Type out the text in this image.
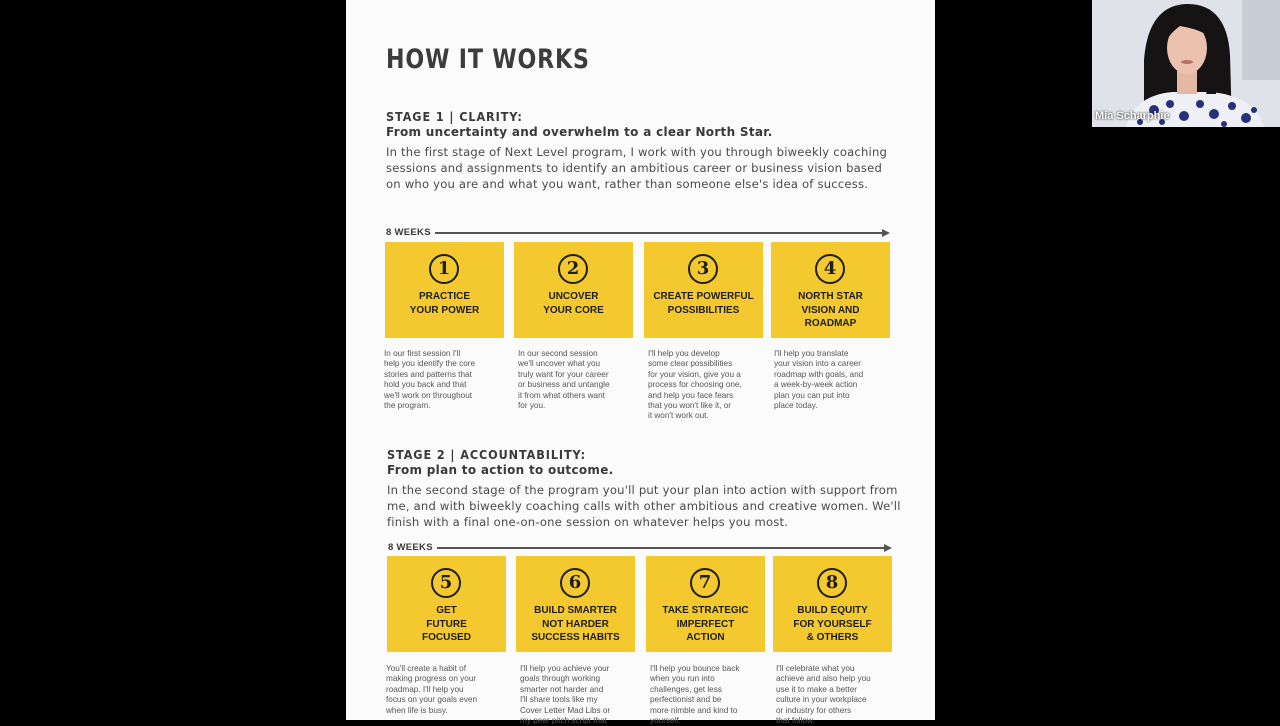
HOW IT WORKS
STAGE 1 | CLARITY:
From uncertainty and overwhelm to a clear North Star.

In the first stage of Next Level program, I work with you through biweekly coaching sessions and assignments to identify an ambitious career or business vision based on who you are and what you want, rather than someone else's idea of success.

8 WEEKS
1
PRACTICE
YOUR POWER
2
UNCOVER
YOUR CORE
3
CREATE POWERFUL
POSSIBILITIES
4
NORTH STAR
VISION AND
ROADMAP

In our first session I'll
help you identify the core
stories and patterns that
hold you back and that
we'll work on throughout
the program.

In our second session
we'll uncover what you
truly want for your career
or business and untangle
it from what others want
for you.

I'll help you develop
some clear possibilities
for your vision, give you a
process for choosing one,
and help you face fears
that you won't like it, or
it won't work out.

I'll help you translate
your vision into a career
roadmap with goals, and
a week-by-week action
plan you can put into
place today.

STAGE 2 | ACCOUNTABILITY:
From plan to action to outcome.

In the second stage of the program you'll put your plan into action with support from me, and with biweekly coaching calls with other ambitious and creative women. We'll finish with a final one-on-one session on whatever helps you most.

8 WEEKS
5
GET
FUTURE
FOCUSED
6
BUILD SMARTER
NOT HARDER
SUCCESS HABITS
7
TAKE STRATEGIC
IMPERFECT
ACTION
8
BUILD EQUITY
FOR YOURSELF
& OTHERS

You'll create a habit of
making progress on your
roadmap. I'll help you
focus on your goals even
when life is busy.

I'll help you achieve your
goals through working
smarter not harder and
I'll share tools like my
Cover Letter Mad Libs or
my peer pitch script that

I'll help you bounce back
when you run into
challenges, get less
perfectionist and be
more nimble and kind to
yourself.

I'll celebrate what you
achieve and also help you
use it to make a better
culture in your workplace
or industry for others
that follow.

Mia Scharphie
